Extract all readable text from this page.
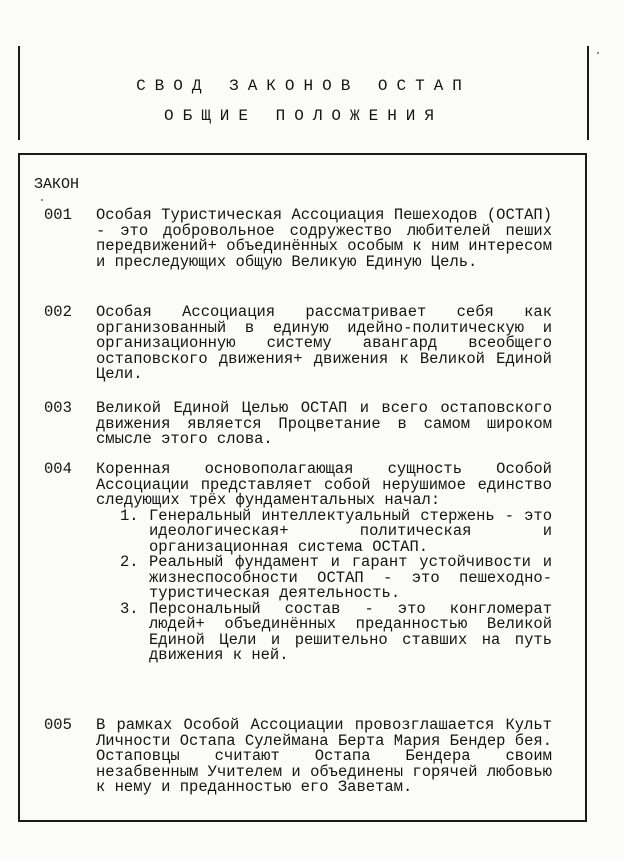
СВОД ЗАКОНОВ ОСТАП
ОБЩИЕ ПОЛОЖЕНИЯ
ЗАКОН
001	Особая Туристическая Ассоциация Пешеходов (ОСТАП) - это добровольное содружество любителей пеших передвижений+ объединённых особым к ним интересом и преследующих общую Великую Единую Цель.

002	Особая Ассоциация рассматривает себя как организованный в единую идейно-политическую и организационную систему авангард всеобщего остаповского движения+ движения к Великой Единой Цели.

003	Великой Единой Целью ОСТАП и всего остаповского движения является Процветание в самом широком смысле этого слова.

004	Коренная основополагающая сущность Особой Ассоциации представляет собой нерушимое единство следующих трёх фундаментальных начал:

1. Генеральный интеллектуальный стержень - это идеологическая+ политическая и организационная система ОСТАП.
2. Реальный фундамент и гарант устойчивости и жизнеспособности ОСТАП - это пешеходно-туристическая деятельность.
3. Персональный состав - это конгломерат людей+ объединённых преданностью Великой Единой Цели и решительно ставших на путь движения к ней.
005	В рамках Особой Ассоциации провозглашается Культ Личности Остапа Сулеймана Берта Мария Бендер бея. Остаповцы считают Остапа Бендера своим незабвенным Учителем и объединены горячей любовью к нему и преданностью его Заветам.
